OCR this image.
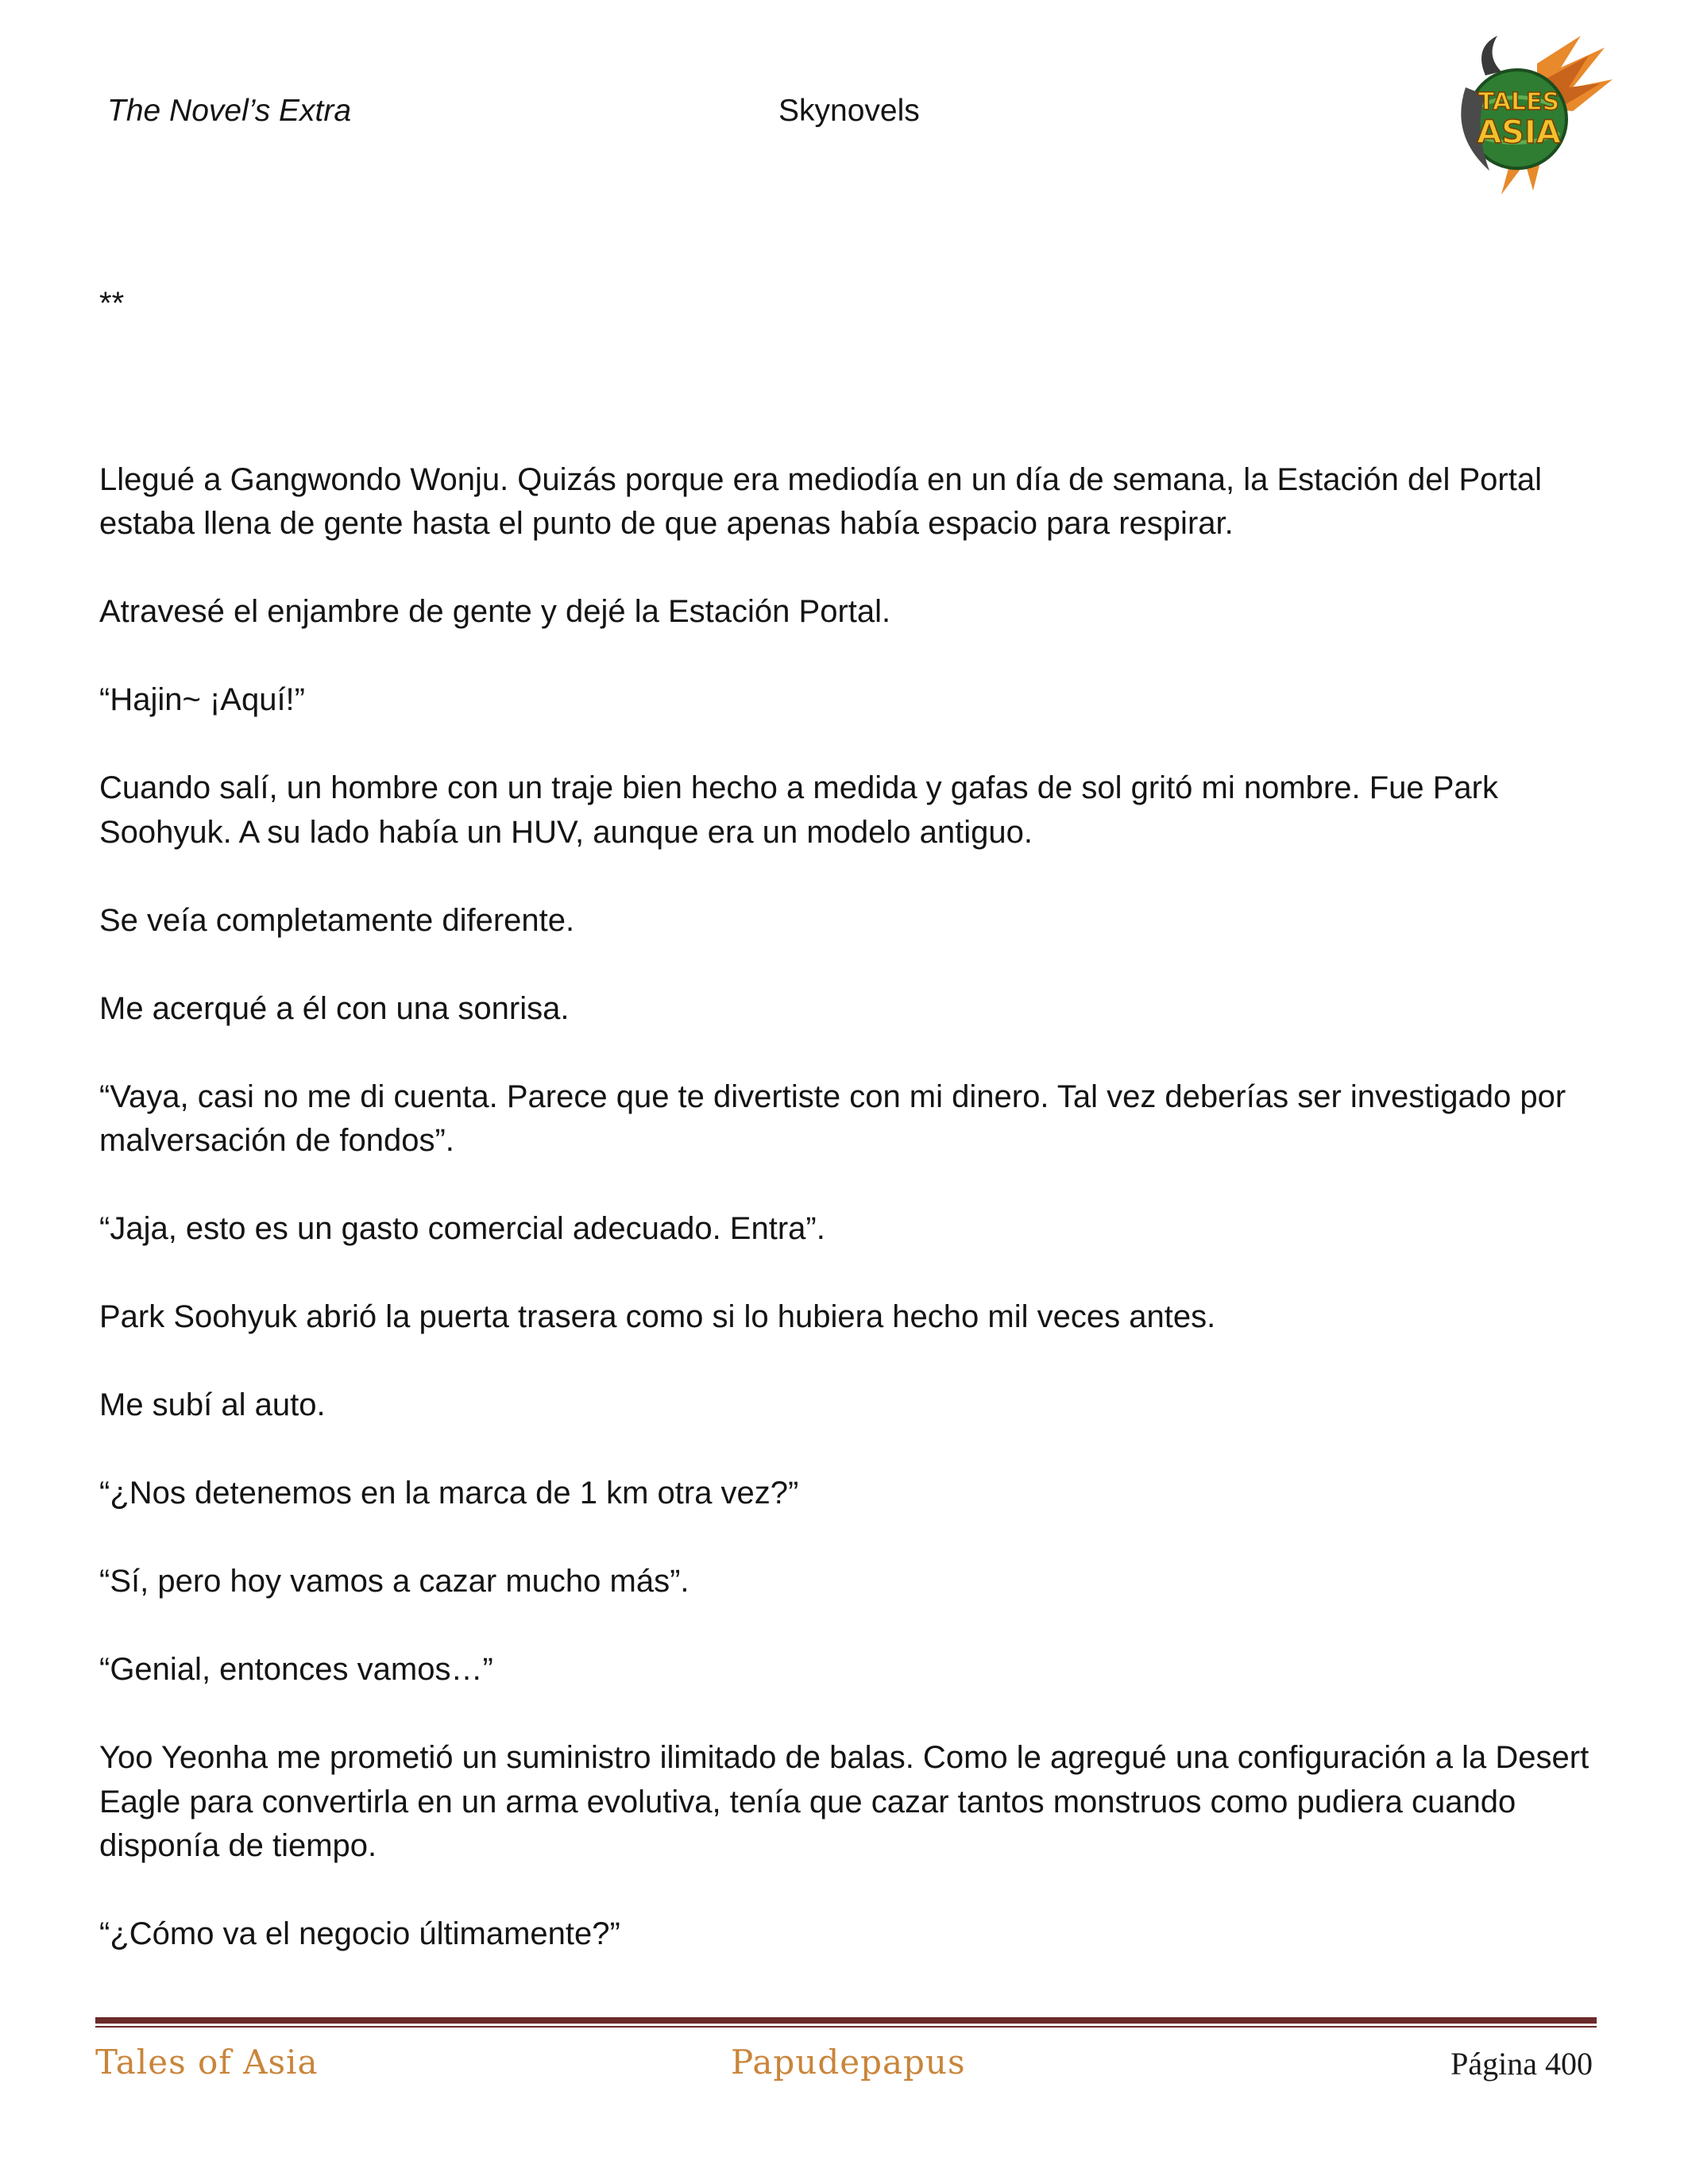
The Novel’s Extra	Skynovels	TALES
ASIA

**

Llegué a Gangwondo Wonju. Quizás porque era mediodía en un día de semana, la Estación del Portal estaba llena de gente hasta el punto de que apenas había espacio para respirar.

Atravesé el enjambre de gente y dejé la Estación Portal.

“Hajin~ ¡Aquí!”

Cuando salí, un hombre con un traje bien hecho a medida y gafas de sol gritó mi nombre. Fue Park Soohyuk. A su lado había un HUV, aunque era un modelo antiguo.

Se veía completamente diferente.

Me acerqué a él con una sonrisa.

“Vaya, casi no me di cuenta. Parece que te divertiste con mi dinero. Tal vez deberías ser investigado por malversación de fondos”.

“Jaja, esto es un gasto comercial adecuado. Entra”.

Park Soohyuk abrió la puerta trasera como si lo hubiera hecho mil veces antes.

Me subí al auto.

“¿Nos detenemos en la marca de 1 km otra vez?”

“Sí, pero hoy vamos a cazar mucho más”.

“Genial, entonces vamos…”

Yoo Yeonha me prometió un suministro ilimitado de balas. Como le agregué una configuración a la Desert Eagle para convertirla en un arma evolutiva, tenía que cazar tantos monstruos como pudiera cuando disponía de tiempo.

“¿Cómo va el negocio últimamente?”

Tales of Asia	Papudepapus	Página 400
